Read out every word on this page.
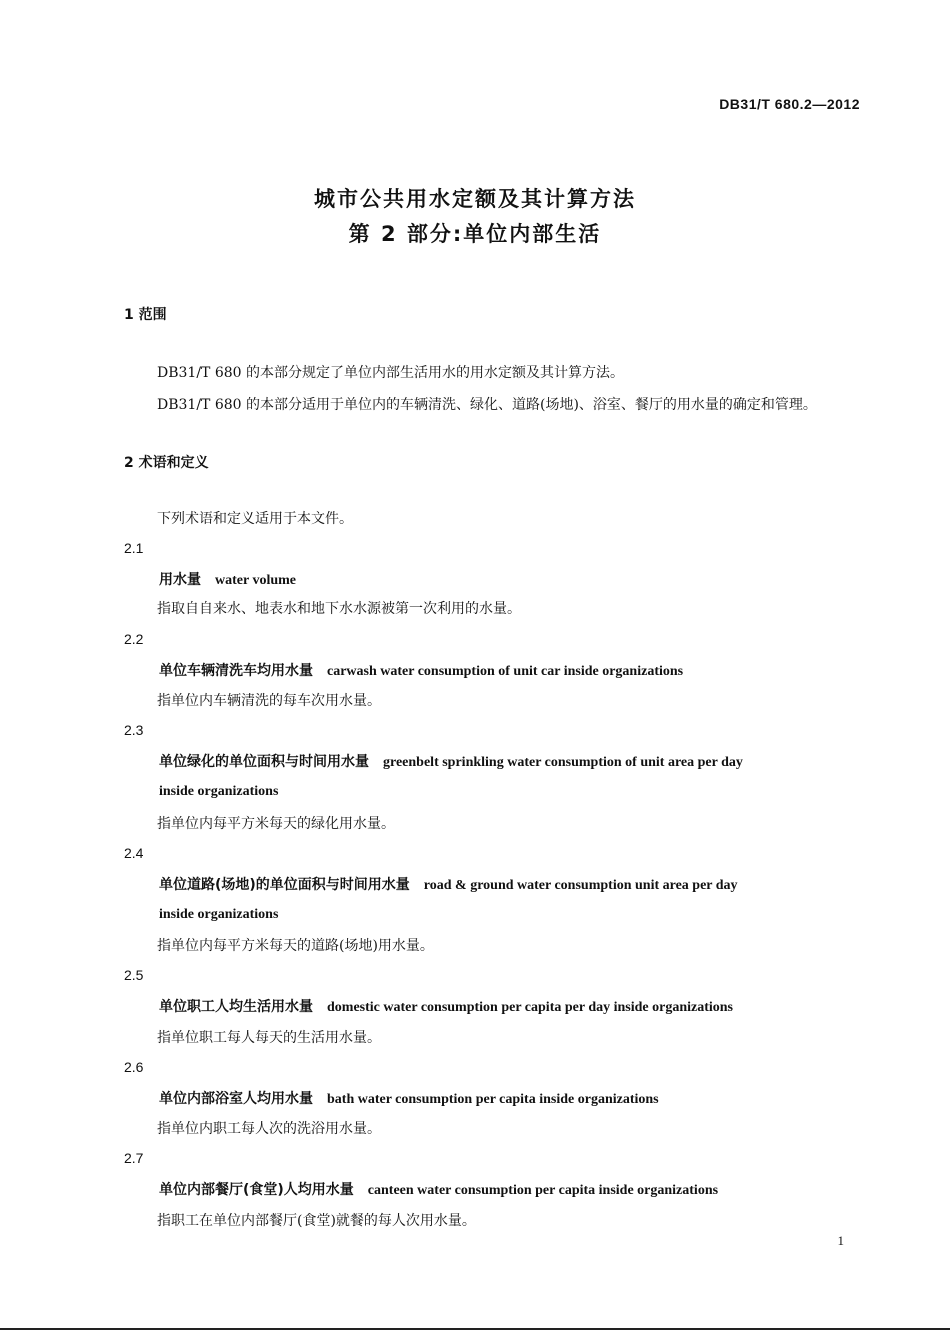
DB31/T 680.2—2012
城市公共用水定额及其计算方法
第 2 部分:单位内部生活
1 范围
DB31/T 680 的本部分规定了单位内部生活用水的用水定额及其计算方法。
DB31/T 680 的本部分适用于单位内的车辆清洗、绿化、道路(场地)、浴室、餐厅的用水量的确定和管理。
2 术语和定义
下列术语和定义适用于本文件。
2.1
用水量 water volume
指取自自来水、地表水和地下水水源被第一次利用的水量。
2.2
单位车辆清洗车均用水量 carwash water consumption of unit car inside organizations
指单位内车辆清洗的每车次用水量。
2.3
单位绿化的单位面积与时间用水量 greenbelt sprinkling water consumption of unit area per day
inside organizations
指单位内每平方米每天的绿化用水量。
2.4
单位道路(场地)的单位面积与时间用水量 road & ground water consumption unit area per day
inside organizations
指单位内每平方米每天的道路(场地)用水量。
2.5
单位职工人均生活用水量 domestic water consumption per capita per day inside organizations
指单位职工每人每天的生活用水量。
2.6
单位内部浴室人均用水量 bath water consumption per capita inside organizations
指单位内职工每人次的洗浴用水量。
2.7
单位内部餐厅(食堂)人均用水量 canteen water consumption per capita inside organizations
指职工在单位内部餐厅(食堂)就餐的每人次用水量。
1
